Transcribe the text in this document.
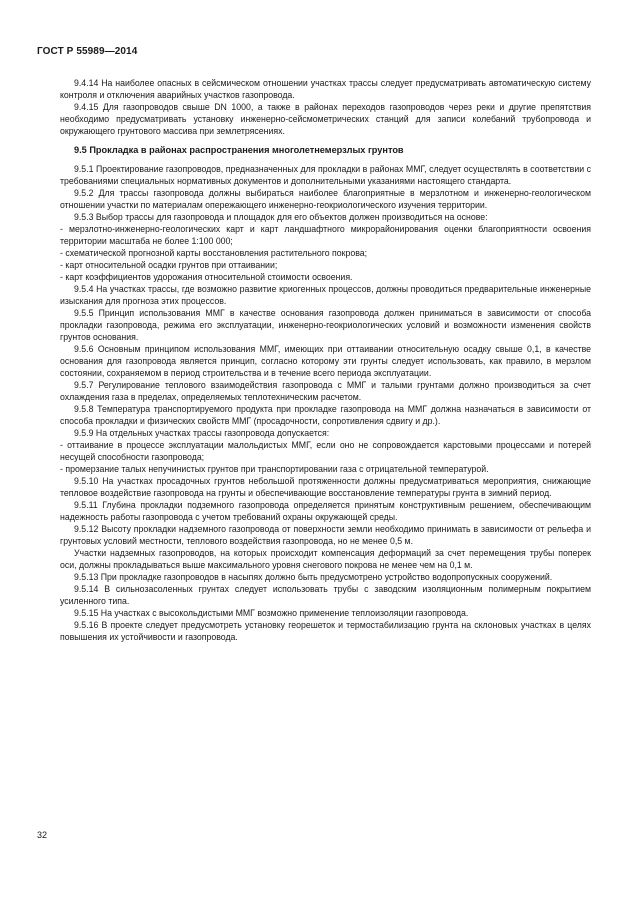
ГОСТ Р 55989—2014

9.4.14 На наиболее опасных в сейсмическом отношении участках трассы следует предусматривать автоматическую систему контроля и отключения аварийных участков газопровода.

9.4.15 Для газопроводов свыше DN 1000, а также в районах переходов газопроводов через реки и другие препятствия необходимо предусматривать установку инженерно-сейсмометрических станций для записи колебаний трубопровода и окружающего грунтового массива при землетрясениях.

9.5 Прокладка в районах распространения многолетнемерзлых грунтов

9.5.1 Проектирование газопроводов, предназначенных для прокладки в районах ММГ, следует осуществлять в соответствии с требованиями специальных нормативных документов и дополнительными указаниями настоящего стандарта.

9.5.2 Для трассы газопровода должны выбираться наиболее благоприятные в мерзлотном и инженерно-геологическом отношении участки по материалам опережающего инженерно-геокриологического изучения территории.

9.5.3 Выбор трассы для газопровода и площадок для его объектов должен производиться на основе:

- мерзлотно-инженерно-геологических карт и карт ландшафтного микрорайонирования оценки благоприятности освоения территории масштаба не более 1:100 000;

- схематической прогнозной карты восстановления растительного покрова;

- карт относительной осадки грунтов при оттаивании;

- карт коэффициентов удорожания относительной стоимости освоения.

9.5.4 На участках трассы, где возможно развитие криогенных процессов, должны проводиться предварительные инженерные изыскания для прогноза этих процессов.

9.5.5 Принцип использования ММГ в качестве основания газопровода должен приниматься в зависимости от способа прокладки газопровода, режима его эксплуатации, инженерно-геокриологических условий и возможности изменения свойств грунтов основания.

9.5.6 Основным принципом использования ММГ, имеющих при оттаивании относительную осадку свыше 0,1, в качестве основания для газопровода является принцип, согласно которому эти грунты следует использовать, как правило, в мерзлом состоянии, сохраняемом в период строительства и в течение всего периода эксплуатации.

9.5.7 Регулирование теплового взаимодействия газопровода с ММГ и талыми грунтами должно производиться за счет охлаждения газа в пределах, определяемых теплотехническим расчетом.

9.5.8 Температура транспортируемого продукта при прокладке газопровода на ММГ должна назначаться в зависимости от способа прокладки и физических свойств ММГ (просадочности, сопротивления сдвигу и др.).

9.5.9 На отдельных участках трассы газопровода допускается:

- оттаивание в процессе эксплуатации малольдистых ММГ, если оно не сопровождается карстовыми процессами и потерей несущей способности газопровода;

- промерзание талых непучинистых грунтов при транспортировании газа с отрицательной температурой.

9.5.10 На участках просадочных грунтов небольшой протяженности должны предусматриваться мероприятия, снижающие тепловое воздействие газопровода на грунты и обеспечивающие восстановление температуры грунта в зимний период.

9.5.11 Глубина прокладки подземного газопровода определяется принятым конструктивным решением, обеспечивающим надежность работы газопровода с учетом требований охраны окружающей среды.

9.5.12 Высоту прокладки надземного газопровода от поверхности земли необходимо принимать в зависимости от рельефа и грунтовых условий местности, теплового воздействия газопровода, но не менее 0,5 м.

Участки надземных газопроводов, на которых происходит компенсация деформаций за счет перемещения трубы поперек оси, должны прокладываться выше максимального уровня снегового покрова не менее чем на 0,1 м.

9.5.13 При прокладке газопроводов в насыпях должно быть предусмотрено устройство водопропускных сооружений.

9.5.14 В сильнозасоленных грунтах следует использовать трубы с заводским изоляционным полимерным покрытием усиленного типа.

9.5.15 На участках с высокольдистыми ММГ возможно применение теплоизоляции газопровода.

9.5.16 В проекте следует предусмотреть установку георешеток и термостабилизацию грунта на склоновых участках в целях повышения их устойчивости и газопровода.

32
